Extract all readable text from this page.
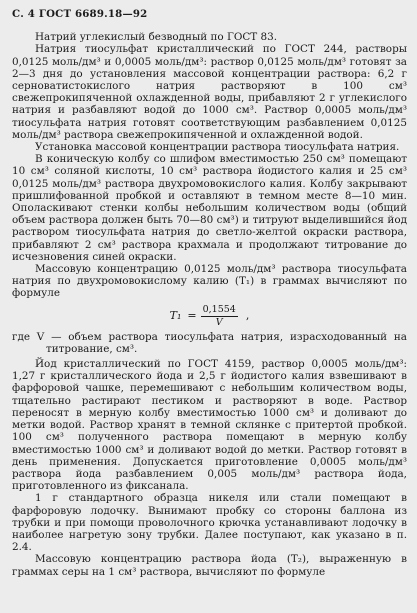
С. 4 ГОСТ 6689.18—92

Натрий углекислый безводный по ГОСТ 83.

Натрия тиосульфат кристаллический по ГОСТ 244, растворы 0,0125 моль/дм³ и 0,0005 моль/дм³: раствор 0,0125 моль/дм³ готовят за 2—3 дня до установления массовой концентрации раствора: 6,2 г серноватистокислого натрия растворяют в 100 см³ свежепрокипяченной охлажденной воды, прибавляют 2 г углекислого натрия и разбавляют водой до 1000 см³. Раствор 0,0005 моль/дм³ тиосульфата натрия готовят соответствующим разбавлением 0,0125 моль/дм³ раствора свежепрокипяченной и охлажденной водой.

Установка массовой концентрации раствора тиосульфата натрия.

В коническую колбу со шлифом вместимостью 250 см³ помещают 10 см³ соляной кислоты, 10 см³ раствора йодистого калия и 25 см³ 0,0125 моль/дм³ раствора двухромовокислого калия. Колбу закрывают пришлифованной пробкой и оставляют в темном месте 8—10 мин. Ополаскивают стенки колбы небольшим количеством воды (общий объем раствора должен быть 70—80 см³) и титруют выделившийся йод раствором тиосульфата натрия до светло-желтой окраски раствора, прибавляют 2 см³ раствора крахмала и продолжают титрование до исчезновения синей окраски.

Массовую концентрацию 0,0125 моль/дм³ раствора тиосульфата натрия по двухромовокислому калию (T₁) в граммах вычисляют по формуле

$T_1 = \frac{0,1554}{V}$ ,

где V — объем раствора тиосульфата натрия, израсходованный на титрование, см³.

Йод кристаллический по ГОСТ 4159, раствор 0,0005 моль/дм³: 1,27 г кристаллического йода и 2,5 г йодистого калия взвешивают в фарфоровой чашке, перемешивают с небольшим количеством воды, тщательно растирают пестиком и растворяют в воде. Раствор переносят в мерную колбу вместимостью 1000 см³ и доливают до метки водой. Раствор хранят в темной склянке с притертой пробкой. 100 см³ полученного раствора помещают в мерную колбу вместимостью 1000 см³ и доливают водой до метки. Раствор готовят в день применения. Допускается приготовление 0,0005 моль/дм³ раствора йода разбавлением 0,005 моль/дм³ раствора йода, приготовленного из фиксанала.

1 г стандартного образца никеля или стали помещают в фарфоровую лодочку. Вынимают пробку со стороны баллона из трубки и при помощи проволочного крючка устанавливают лодочку в наиболее нагретую зону трубки. Далее поступают, как указано в п. 2.4.

Массовую концентрацию раствора йода (T₂), выраженную в граммах серы на 1 см³ раствора, вычисляют по формуле
